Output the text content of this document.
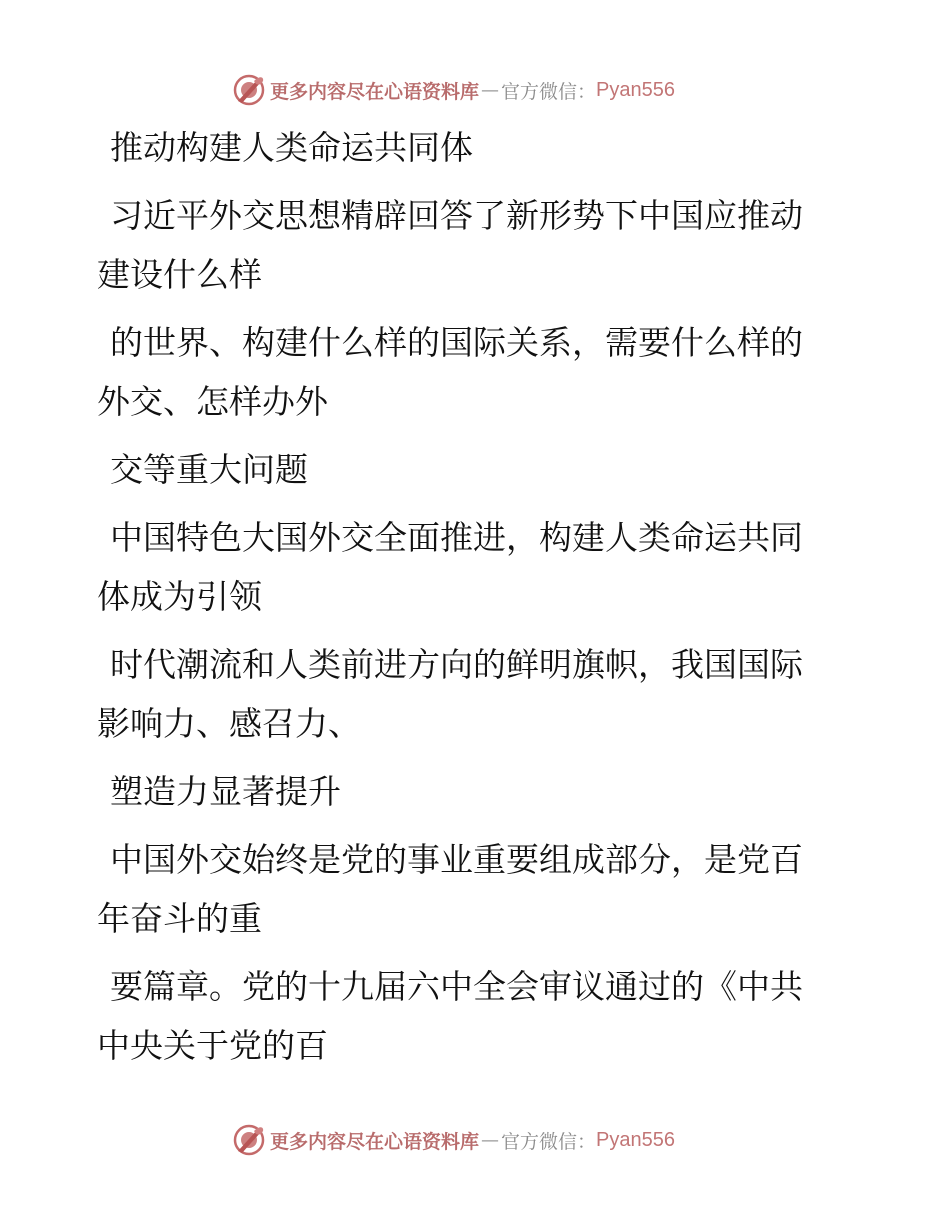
更多内容尽在心语资料库 — 官方微信： Pyan556
推动构建人类命运共同体
习近平外交思想精辟回答了新形势下中国应推动
建设什么样
的世界、构建什么样的国际关系，需要什么样的
外交、怎样办外
交等重大问题
中国特色大国外交全面推进，构建人类命运共同
体成为引领
时代潮流和人类前进方向的鲜明旗帜，我国国际
影响力、感召力、
塑造力显著提升
中国外交始终是党的事业重要组成部分，是党百
年奋斗的重
要篇章。党的十九届六中全会审议通过的《中共
中央关于党的百
更多内容尽在心语资料库 — 官方微信： Pyan556
